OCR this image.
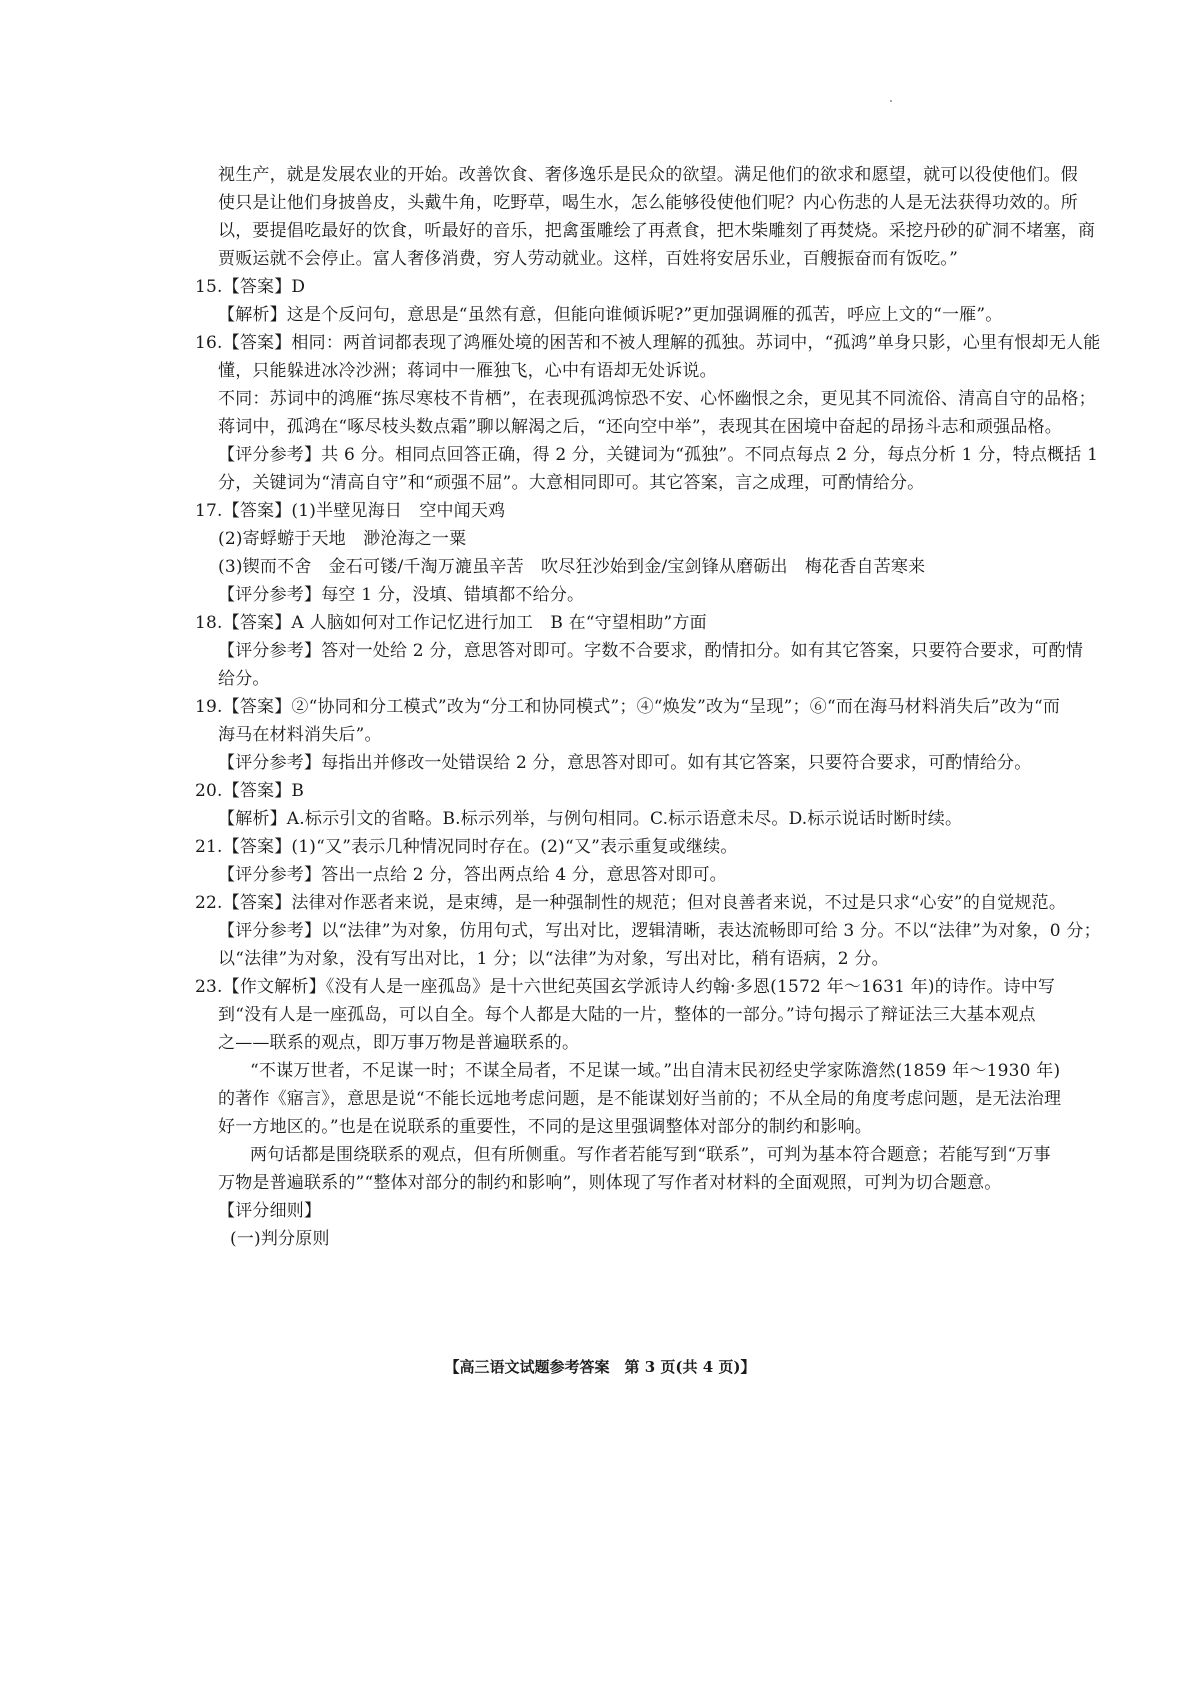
视生产，就是发展农业的开始。改善饮食、奢侈逸乐是民众的欲望。满足他们的欲求和愿望，就可以役使他们。假
使只是让他们身披兽皮，头戴牛角，吃野草，喝生水，怎么能够役使他们呢？内心伤悲的人是无法获得功效的。所
以，要提倡吃最好的饮食，听最好的音乐，把禽蛋雕绘了再煮食，把木柴雕刻了再焚烧。采挖丹砂的矿洞不堵塞，商
贾贩运就不会停止。富人奢侈消费，穷人劳动就业。这样，百姓将安居乐业，百艘振奋而有饭吃。”
15.【答案】D
【解析】这是个反问句，意思是“虽然有意，但能向谁倾诉呢?”更加强调雁的孤苦，呼应上文的“一雁”。
16.【答案】相同：两首词都表现了鸿雁处境的困苦和不被人理解的孤独。苏词中，“孤鸿”单身只影，心里有恨却无人能
懂，只能躲进冰冷沙洲；蒋词中一雁独飞，心中有语却无处诉说。
不同：苏词中的鸿雁“拣尽寒枝不肯栖”，在表现孤鸿惊恐不安、心怀幽恨之余，更见其不同流俗、清高自守的品格；
蒋词中，孤鸿在“啄尽枝头数点霜”聊以解渴之后，“还向空中举”，表现其在困境中奋起的昂扬斗志和顽强品格。
【评分参考】共 6 分。相同点回答正确，得 2 分，关键词为“孤独”。不同点每点 2 分，每点分析 1 分，特点概括 1
分，关键词为“清高自守”和“顽强不屈”。大意相同即可。其它答案，言之成理，可酌情给分。
17.【答案】(1)半壁见海日　空中闻天鸡
(2)寄蜉蝣于天地　渺沧海之一粟
(3)锲而不舍　金石可镂/千淘万漉虽辛苦　吹尽狂沙始到金/宝剑锋从磨砺出　梅花香自苦寒来
【评分参考】每空 1 分，没填、错填都不给分。
18.【答案】A 人脑如何对工作记忆进行加工　B 在“守望相助”方面
【评分参考】答对一处给 2 分，意思答对即可。字数不合要求，酌情扣分。如有其它答案，只要符合要求，可酌情
给分。
19.【答案】②“协同和分工模式”改为“分工和协同模式”；④“焕发”改为“呈现”；⑥“而在海马材料消失后”改为“而
海马在材料消失后”。
【评分参考】每指出并修改一处错误给 2 分，意思答对即可。如有其它答案，只要符合要求，可酌情给分。
20.【答案】B
【解析】A.标示引文的省略。B.标示列举，与例句相同。C.标示语意未尽。D.标示说话时断时续。
21.【答案】(1)“又”表示几种情况同时存在。(2)“又”表示重复或继续。
【评分参考】答出一点给 2 分，答出两点给 4 分，意思答对即可。
22.【答案】法律对作恶者来说，是束缚，是一种强制性的规范；但对良善者来说，不过是只求“心安”的自觉规范。
【评分参考】以“法律”为对象，仿用句式，写出对比，逻辑清晰，表达流畅即可给 3 分。不以“法律”为对象，0 分；
以“法律”为对象，没有写出对比，1 分；以“法律”为对象，写出对比，稍有语病，2 分。
23.【作文解析】《没有人是一座孤岛》是十六世纪英国玄学派诗人约翰·多恩(1572 年～1631 年)的诗作。诗中写
到“没有人是一座孤岛，可以自全。每个人都是大陆的一片，整体的一部分。”诗句揭示了辩证法三大基本观点
之——联系的观点，即万事万物是普遍联系的。
“不谋万世者，不足谋一时；不谋全局者，不足谋一域。”出自清末民初经史学家陈澹然(1859 年～1930 年)
的著作《寤言》，意思是说“不能长远地考虑问题，是不能谋划好当前的；不从全局的角度考虑问题，是无法治理
好一方地区的。”也是在说联系的重要性，不同的是这里强调整体对部分的制约和影响。
两句话都是围绕联系的观点，但有所侧重。写作者若能写到“联系”，可判为基本符合题意；若能写到“万事
万物是普遍联系的”“整体对部分的制约和影响”，则体现了写作者对材料的全面观照，可判为切合题意。
【评分细则】
(一)判分原则
【高三语文试题参考答案　第 3 页(共 4 页)】
